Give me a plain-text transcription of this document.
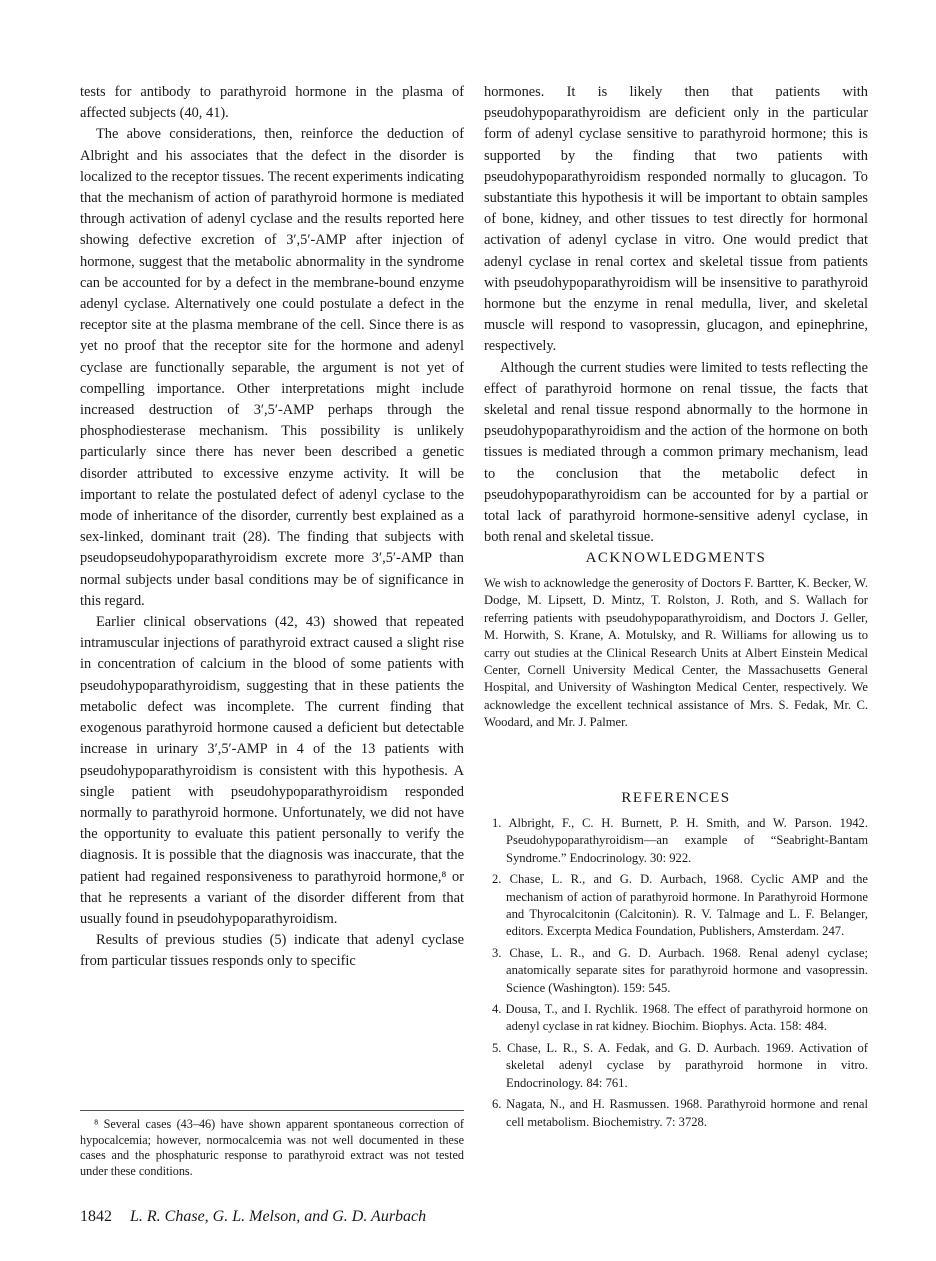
tests for antibody to parathyroid hormone in the plasma of affected subjects (40, 41).

The above considerations, then, reinforce the deduction of Albright and his associates that the defect in the disorder is localized to the receptor tissues. The recent experiments indicating that the mechanism of action of parathyroid hormone is mediated through activation of adenyl cyclase and the results reported here showing defective excretion of 3′,5′-AMP after injection of hormone, suggest that the metabolic abnormality in the syndrome can be accounted for by a defect in the membrane-bound enzyme adenyl cyclase. Alternatively one could postulate a defect in the receptor site at the plasma membrane of the cell. Since there is as yet no proof that the receptor site for the hormone and adenyl cyclase are functionally separable, the argument is not yet of compelling importance. Other interpretations might include increased destruction of 3′,5′-AMP perhaps through the phosphodiesterase mechanism. This possibility is unlikely particularly since there has never been described a genetic disorder attributed to excessive enzyme activity. It will be important to relate the postulated defect of adenyl cyclase to the mode of inheritance of the disorder, currently best explained as a sex-linked, dominant trait (28). The finding that subjects with pseudopseudohypoparathyroidism excrete more 3′,5′-AMP than normal subjects under basal conditions may be of significance in this regard.

Earlier clinical observations (42, 43) showed that repeated intramuscular injections of parathyroid extract caused a slight rise in concentration of calcium in the blood of some patients with pseudohypoparathyroidism, suggesting that in these patients the metabolic defect was incomplete. The current finding that exogenous parathyroid hormone caused a deficient but detectable increase in urinary 3′,5′-AMP in 4 of the 13 patients with pseudohypoparathyroidism is consistent with this hypothesis. A single patient with pseudohypoparathyroidism responded normally to parathyroid hormone. Unfortunately, we did not have the opportunity to evaluate this patient personally to verify the diagnosis. It is possible that the diagnosis was inaccurate, that the patient had regained responsiveness to parathyroid hormone,⁸ or that he represents a variant of the disorder different from that usually found in pseudohypoparathyroidism.

Results of previous studies (5) indicate that adenyl cyclase from particular tissues responds only to specific

⁸ Several cases (43–46) have shown apparent spontaneous correction of hypocalcemia; however, normocalcemia was not well documented in these cases and the phosphaturic response to parathyroid extract was not tested under these conditions.

hormones. It is likely then that patients with pseudohypoparathyroidism are deficient only in the particular form of adenyl cyclase sensitive to parathyroid hormone; this is supported by the finding that two patients with pseudohypoparathyroidism responded normally to glucagon. To substantiate this hypothesis it will be important to obtain samples of bone, kidney, and other tissues to test directly for hormonal activation of adenyl cyclase in vitro. One would predict that adenyl cyclase in renal cortex and skeletal tissue from patients with pseudohypoparathyroidism will be insensitive to parathyroid hormone but the enzyme in renal medulla, liver, and skeletal muscle will respond to vasopressin, glucagon, and epinephrine, respectively.

Although the current studies were limited to tests reflecting the effect of parathyroid hormone on renal tissue, the facts that skeletal and renal tissue respond abnormally to the hormone in pseudohypoparathyroidism and the action of the hormone on both tissues is mediated through a common primary mechanism, lead to the conclusion that the metabolic defect in pseudohypoparathyroidism can be accounted for by a partial or total lack of parathyroid hormone-sensitive adenyl cyclase, in both renal and skeletal tissue.

ACKNOWLEDGMENTS

We wish to acknowledge the generosity of Doctors F. Bartter, K. Becker, W. Dodge, M. Lipsett, D. Mintz, T. Rolston, J. Roth, and S. Wallach for referring patients with pseudohypoparathyroidism, and Doctors J. Geller, M. Horwith, S. Krane, A. Motulsky, and R. Williams for allowing us to carry out studies at the Clinical Research Units at Albert Einstein Medical Center, Cornell University Medical Center, the Massachusetts General Hospital, and University of Washington Medical Center, respectively. We acknowledge the excellent technical assistance of Mrs. S. Fedak, Mr. C. Woodard, and Mr. J. Palmer.

REFERENCES
1. Albright, F., C. H. Burnett, P. H. Smith, and W. Parson. 1942. Pseudohypoparathyroidism—an example of “Seabright-Bantam Syndrome.” Endocrinology. 30: 922.
2. Chase, L. R., and G. D. Aurbach, 1968. Cyclic AMP and the mechanism of action of parathyroid hormone. In Parathyroid Hormone and Thyrocalcitonin (Calcitonin). R. V. Talmage and L. F. Belanger, editors. Excerpta Medica Foundation, Publishers, Amsterdam. 247.
3. Chase, L. R., and G. D. Aurbach. 1968. Renal adenyl cyclase; anatomically separate sites for parathyroid hormone and vasopressin. Science (Washington). 159: 545.
4. Dousa, T., and I. Rychlik. 1968. The effect of parathyroid hormone on adenyl cyclase in rat kidney. Biochim. Biophys. Acta. 158: 484.
5. Chase, L. R., S. A. Fedak, and G. D. Aurbach. 1969. Activation of skeletal adenyl cyclase by parathyroid hormone in vitro. Endocrinology. 84: 761.
6. Nagata, N., and H. Rasmussen. 1968. Parathyroid hormone and renal cell metabolism. Biochemistry. 7: 3728.
1842 L. R. Chase, G. L. Melson, and G. D. Aurbach
